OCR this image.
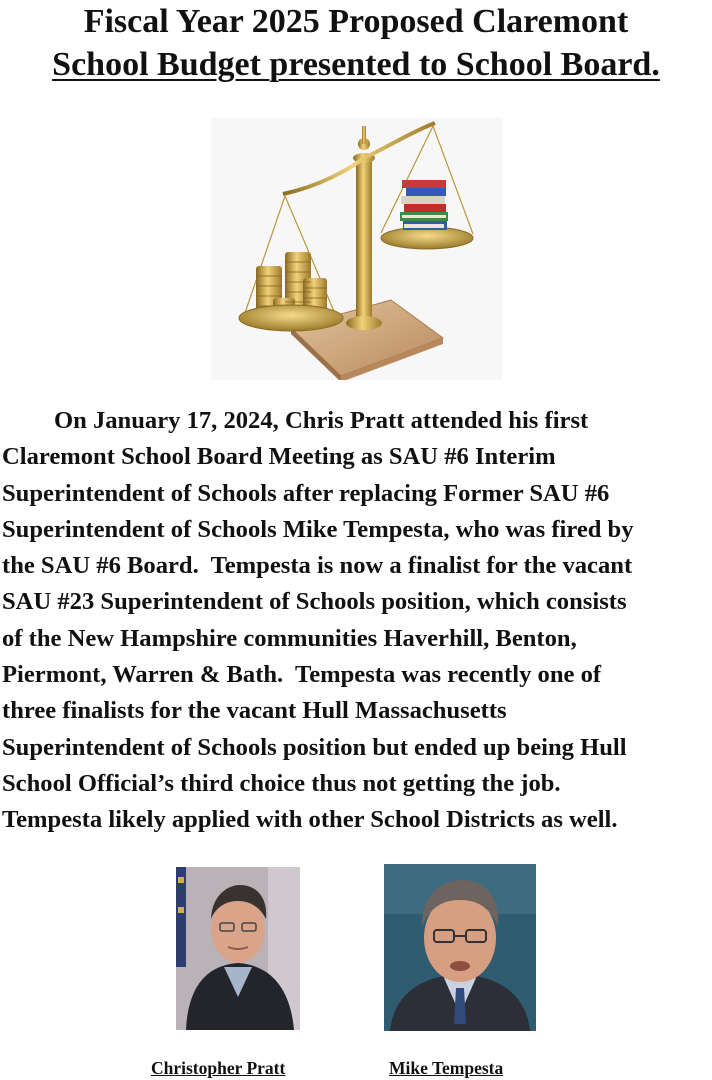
Fiscal Year 2025 Proposed Claremont
School Budget presented to School Board.
On January 17, 2024, Chris Pratt attended his first
Claremont School Board Meeting as SAU #6 Interim
Superintendent of Schools after replacing Former SAU #6
Superintendent of Schools Mike Tempesta, who was fired by
the SAU #6 Board.  Tempesta is now a finalist for the vacant
SAU #23 Superintendent of Schools position, which consists
of the New Hampshire communities Haverhill, Benton,
Piermont, Warren & Bath.  Tempesta was recently one of
three finalists for the vacant Hull Massachusetts
Superintendent of Schools position but ended up being Hull
School Official’s third choice thus not getting the job.
Tempesta likely applied with other School Districts as well.
Christopher Pratt	Mike Tempesta
